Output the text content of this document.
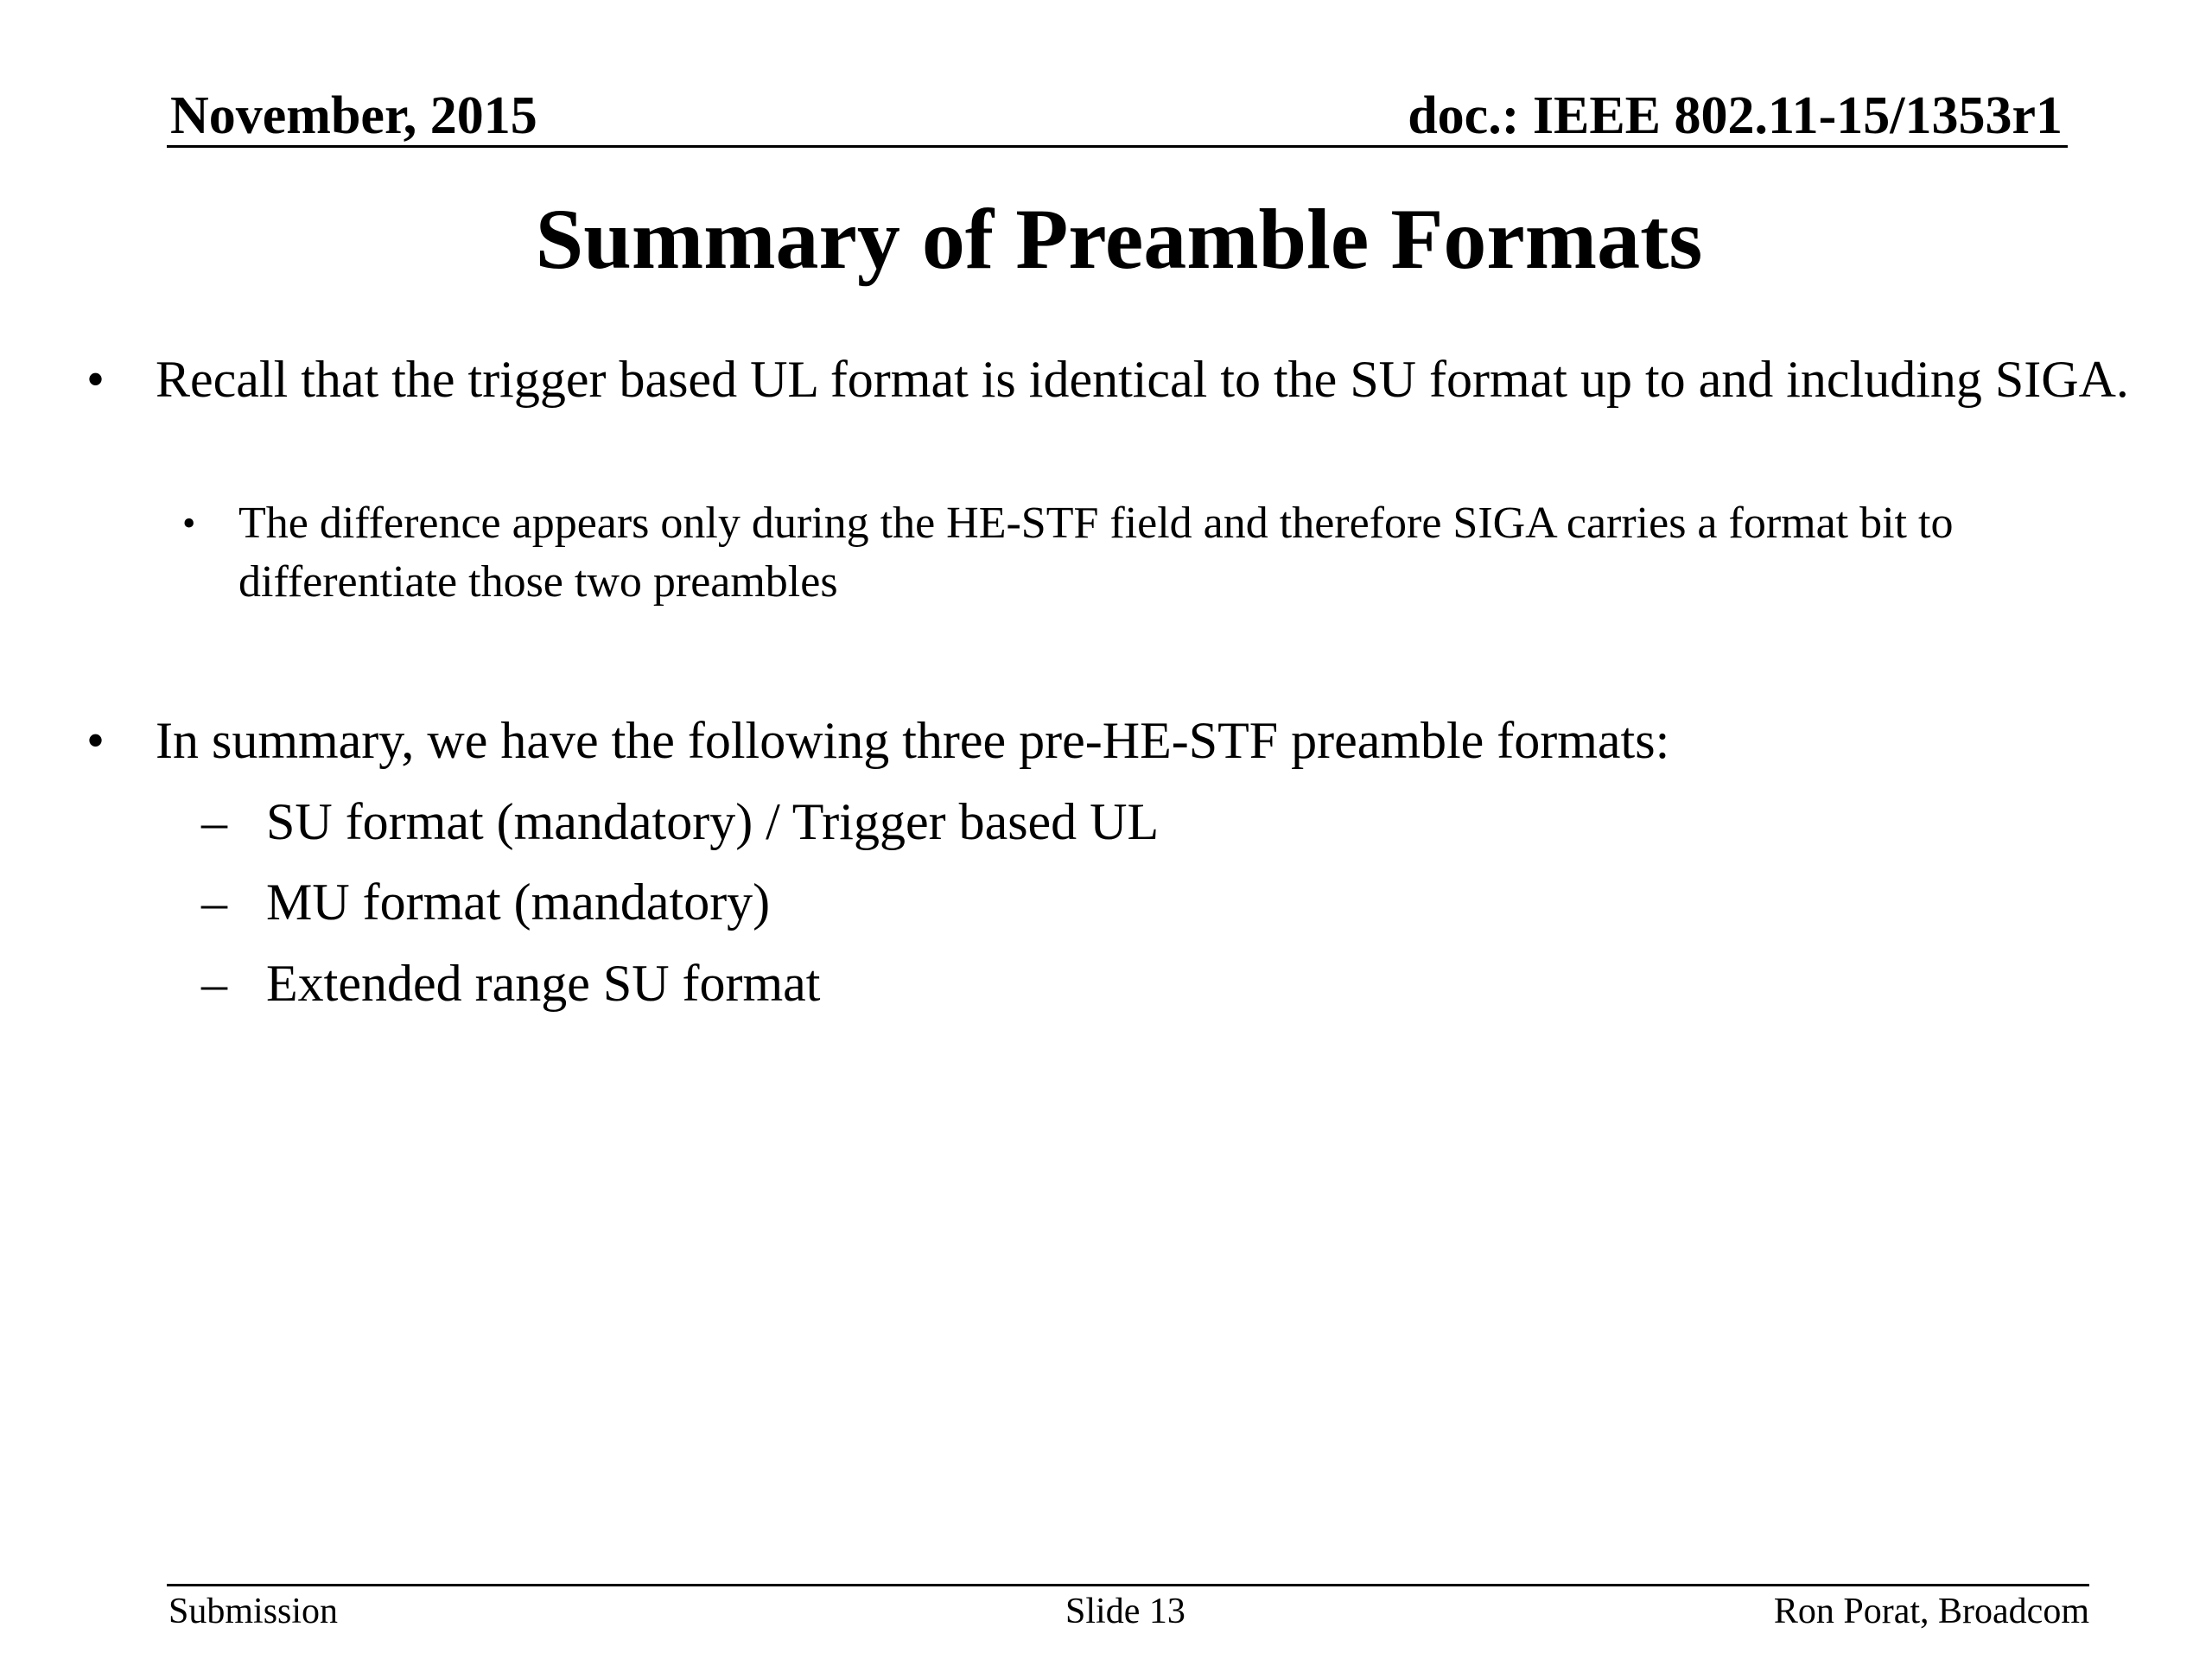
November, 2015	doc.: IEEE 802.11-15/1353r1
Summary of Preamble Formats
• Recall that the trigger based UL format is identical to the SU format up to and including SIGA.
• The difference appears only during the HE-STF field and therefore SIGA carries a format bit to differentiate those two preambles
• In summary, we have the following three pre-HE-STF preamble formats:
– SU format (mandatory) / Trigger based UL
– MU format (mandatory)
– Extended range SU format
Submission	Slide 13	Ron Porat, Broadcom
